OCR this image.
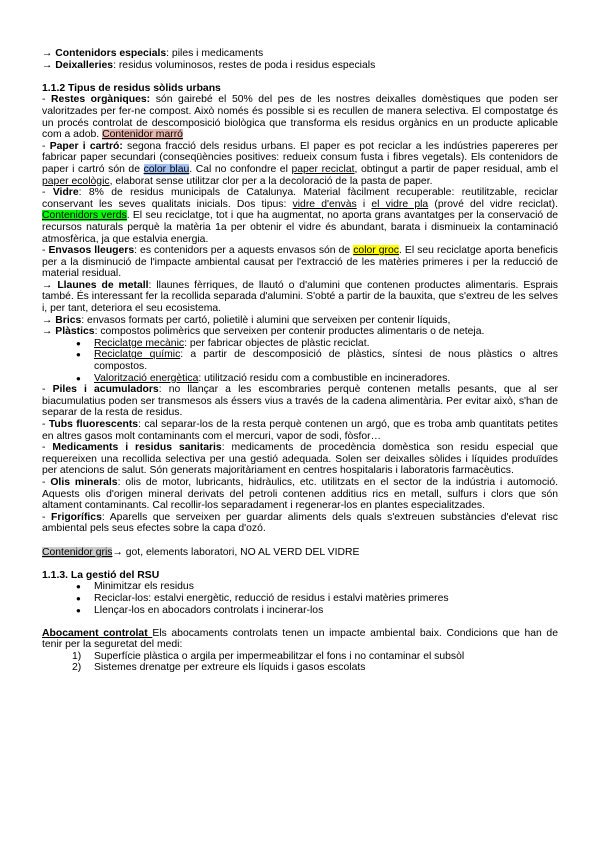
→ Contenidors especials: piles i medicaments

→ Deixalleries: residus voluminosos, restes de poda i residus especials

1.1.2 Tipus de residus sòlids urbans

- Restes orgàniques: són gairebé el 50% del pes de les nostres deixalles domèstiques que poden ser valoritzades per fer-ne compost. Això només és possible si es recullen de manera selectiva. El compostatge és un procés controlat de descomposició biològica que transforma els residus orgànics en un producte aplicable com a adob. Contenidor marró

- Paper i cartró: segona fracció dels residus urbans. El paper es pot reciclar a les indústries papereres per fabricar paper secundari (conseqüències positives: redueix consum fusta i fibres vegetals). Els contenidors de paper i cartró són de color blau. Cal no confondre el paper reciclat, obtingut a partir de paper residual, amb el paper ecològic, elaborat sense utilitzar clor per a la decoloració de la pasta de paper.

- Vidre: 8% de residus municipals de Catalunya. Material fàcilment recuperable: reutilitzable, reciclar conservant les seves qualitats inicials. Dos tipus: vidre d'envàs i el vidre pla (prové del vidre reciclat). Contenidors verds. El seu reciclatge, tot i que ha augmentat, no aporta grans avantatges per la conservació de recursos naturals perquè la matèria 1a per obtenir el vidre és abundant, barata i disminueix la contaminació atmosfèrica, ja que estalvia energia.

- Envasos lleugers: es contenidors per a aquests envasos són de color groc. El seu reciclatge aporta beneficis per a la disminució de l'impacte ambiental causat per l'extracció de les matèries primeres i per la reducció de material residual.

→ Llaunes de metall: llaunes fèrriques, de llautó o d'alumini que contenen productes alimentaris. Esprais també. És interessant fer la recollida separada d'alumini. S'obté a partir de la bauxita, que s'extreu de les selves i, per tant, deteriora el seu ecosistema.

→ Brics: envasos formats per cartó, polietilè i alumini que serveixen per contenir líquids,

→ Plàstics: compostos polimèrics que serveixen per contenir productes alimentaris o de neteja.

● Reciclatge mecànic: per fabricar objectes de plàstic reciclat.
● Reciclatge químic: a partir de descomposició de plàstics, síntesi de nous plàstics o altres compostos.
● Valorització energètica: utilització residu com a combustible en incineradores.

- Piles i acumuladors: no llançar a les escombraries perquè contenen metalls pesants, que al ser biacumulatius poden ser transmesos als éssers vius a través de la cadena alimentària. Per evitar això, s'han de separar de la resta de residus.

- Tubs fluorescents: cal separar-los de la resta perquè contenen un argó, que es troba amb quantitats petites en altres gasos molt contaminants com el mercuri, vapor de sodi, fòsfor…

- Medicaments i residus sanitaris: medicaments de procedència domèstica son residu especial que requereixen una recollida selectiva per una gestió adequada. Solen ser deixalles sòlides i líquides produïdes per atencions de salut. Són generats majoritàriament en centres hospitalaris i laboratoris farmacèutics.

- Olis minerals: olis de motor, lubricants, hidràulics, etc. utilitzats en el sector de la indústria i automoció. Aquests olis d'origen mineral derivats del petroli contenen additius rics en metall, sulfurs i clors que són altament contaminants. Cal recollir-los separadament i regenerar-los en plantes especialitzades.

- Frigorífics: Aparells que serveixen per guardar aliments dels quals s'extreuen substàncies d'elevat risc ambiental pels seus efectes sobre la capa d'ozó.

Contenidor gris→ got, elements laboratori, NO AL VERD DEL VIDRE

1.1.3. La gestió del RSU

● Minimitzar els residus
● Reciclar-los: estalvi energètic, reducció de residus i estalvi matèries primeres
● Llençar-los en abocadors controlats i incinerar-los

Abocament controlat Els abocaments controlats tenen un impacte ambiental baix. Condicions que han de tenir per la seguretat del medi:

1) Superfície plàstica o argila per impermeabilitzar el fons i no contaminar el subsòl
2) Sistemes drenatge per extreure els líquids i gasos escolats
